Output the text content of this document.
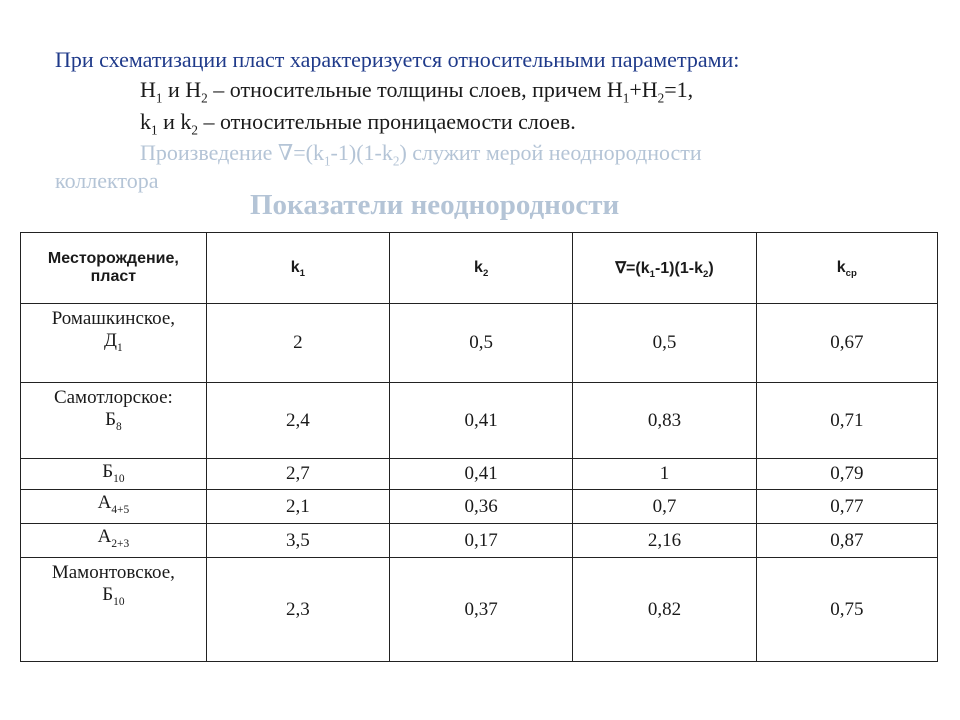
При схематизации пласт характеризуется относительными параметрами:
$H_1$ и $H_2$ – относительные толщины слоев, причем $H_1+H_2=1$,
$k_1$ и $k_2$ – относительные проницаемости слоев.
Произведение $\nabla=(k_1-1)(1-k_2)$ служит мерой неоднородности
коллектора
Показатели неоднородности
Месторождение,
пласт	$k_1$	$k_2$	$\nabla=(k_1-1)(1-k_2)$	$k_{ср}$
Ромашкинское,
$Д_1$	2	0,5	0,5	0,67
Самотлорское:
$Б_8$	2,4	0,41	0,83	0,71
$Б_{10}$	2,7	0,41	1	0,79
$А_{4+5}$	2,1	0,36	0,7	0,77
$А_{2+3}$	3,5	0,17	2,16	0,87
Мамонтовское,
$Б_{10}$	2,3	0,37	0,82	0,75
